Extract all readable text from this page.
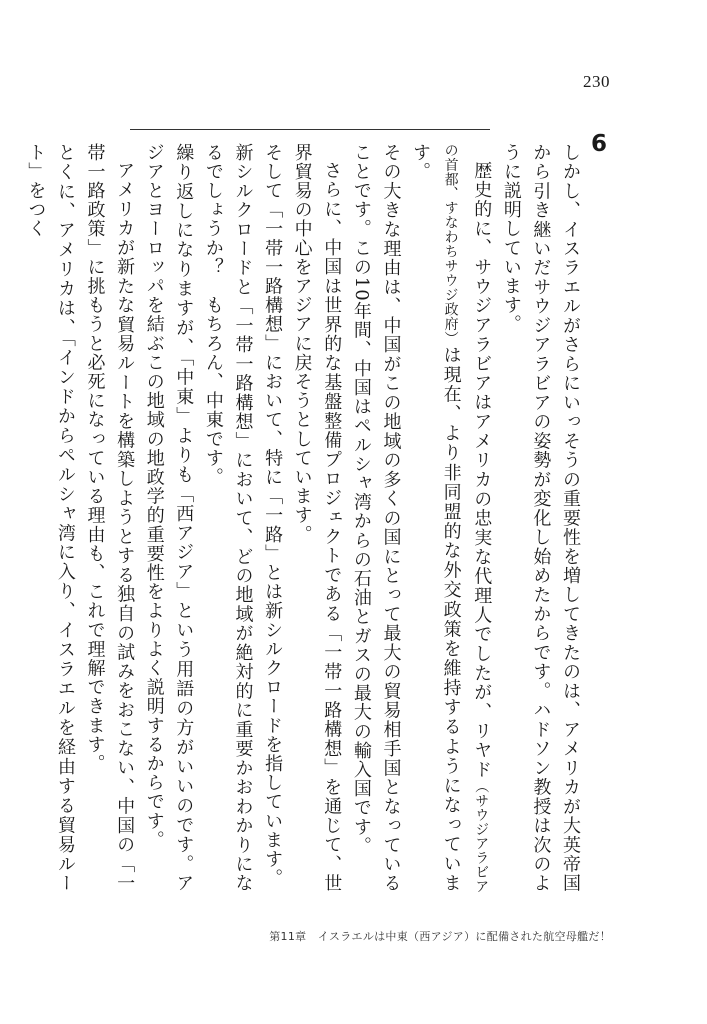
230
6

しかし、イスラエルがさらにいっそうの重要性を増してきたのは、アメリカが大英帝国から引き継いだサウジアラビアの姿勢が変化し始めたからです。ハドソン教授は次のように説明しています。

歴史的に、サウジアラビアはアメリカの忠実な代理人でしたが、リヤド（サウジアラビアの首都、すなわちサウジ政府）は現在、より非同盟的な外交政策を維持するようになっています。

その大きな理由は、中国がこの地域の多くの国にとって最大の貿易相手国となっていることです。この10年間、中国はペルシャ湾からの石油とガスの最大の輸入国です。

さらに、中国は世界的な基盤整備プロジェクトである「一帯一路構想」を通じて、世界貿易の中心をアジアに戻そうとしています。

そして「一帯一路構想」において、特に「一路」とは新シルクロードを指しています。

新シルクロードと「一帯一路構想」において、どの地域が絶対的に重要かおわかりになるでしょうか？　もちろん、中東です。

繰り返しになりますが、「中東」よりも「西アジア」という用語の方がいいのです。アジアとヨーロッパを結ぶこの地域の地政学的重要性をよりよく説明するからです。

アメリカが新たな貿易ルートを構築しようとする独自の試みをおこない、中国の「一帯一路政策」に挑もうと必死になっている理由も、これで理解できます。

とくに、アメリカは、「インドからペルシャ湾に入り、イスラエルを経由する貿易ルート」をつく

第11章　イスラエルは中東（西アジア）に配備された航空母艦だ！
